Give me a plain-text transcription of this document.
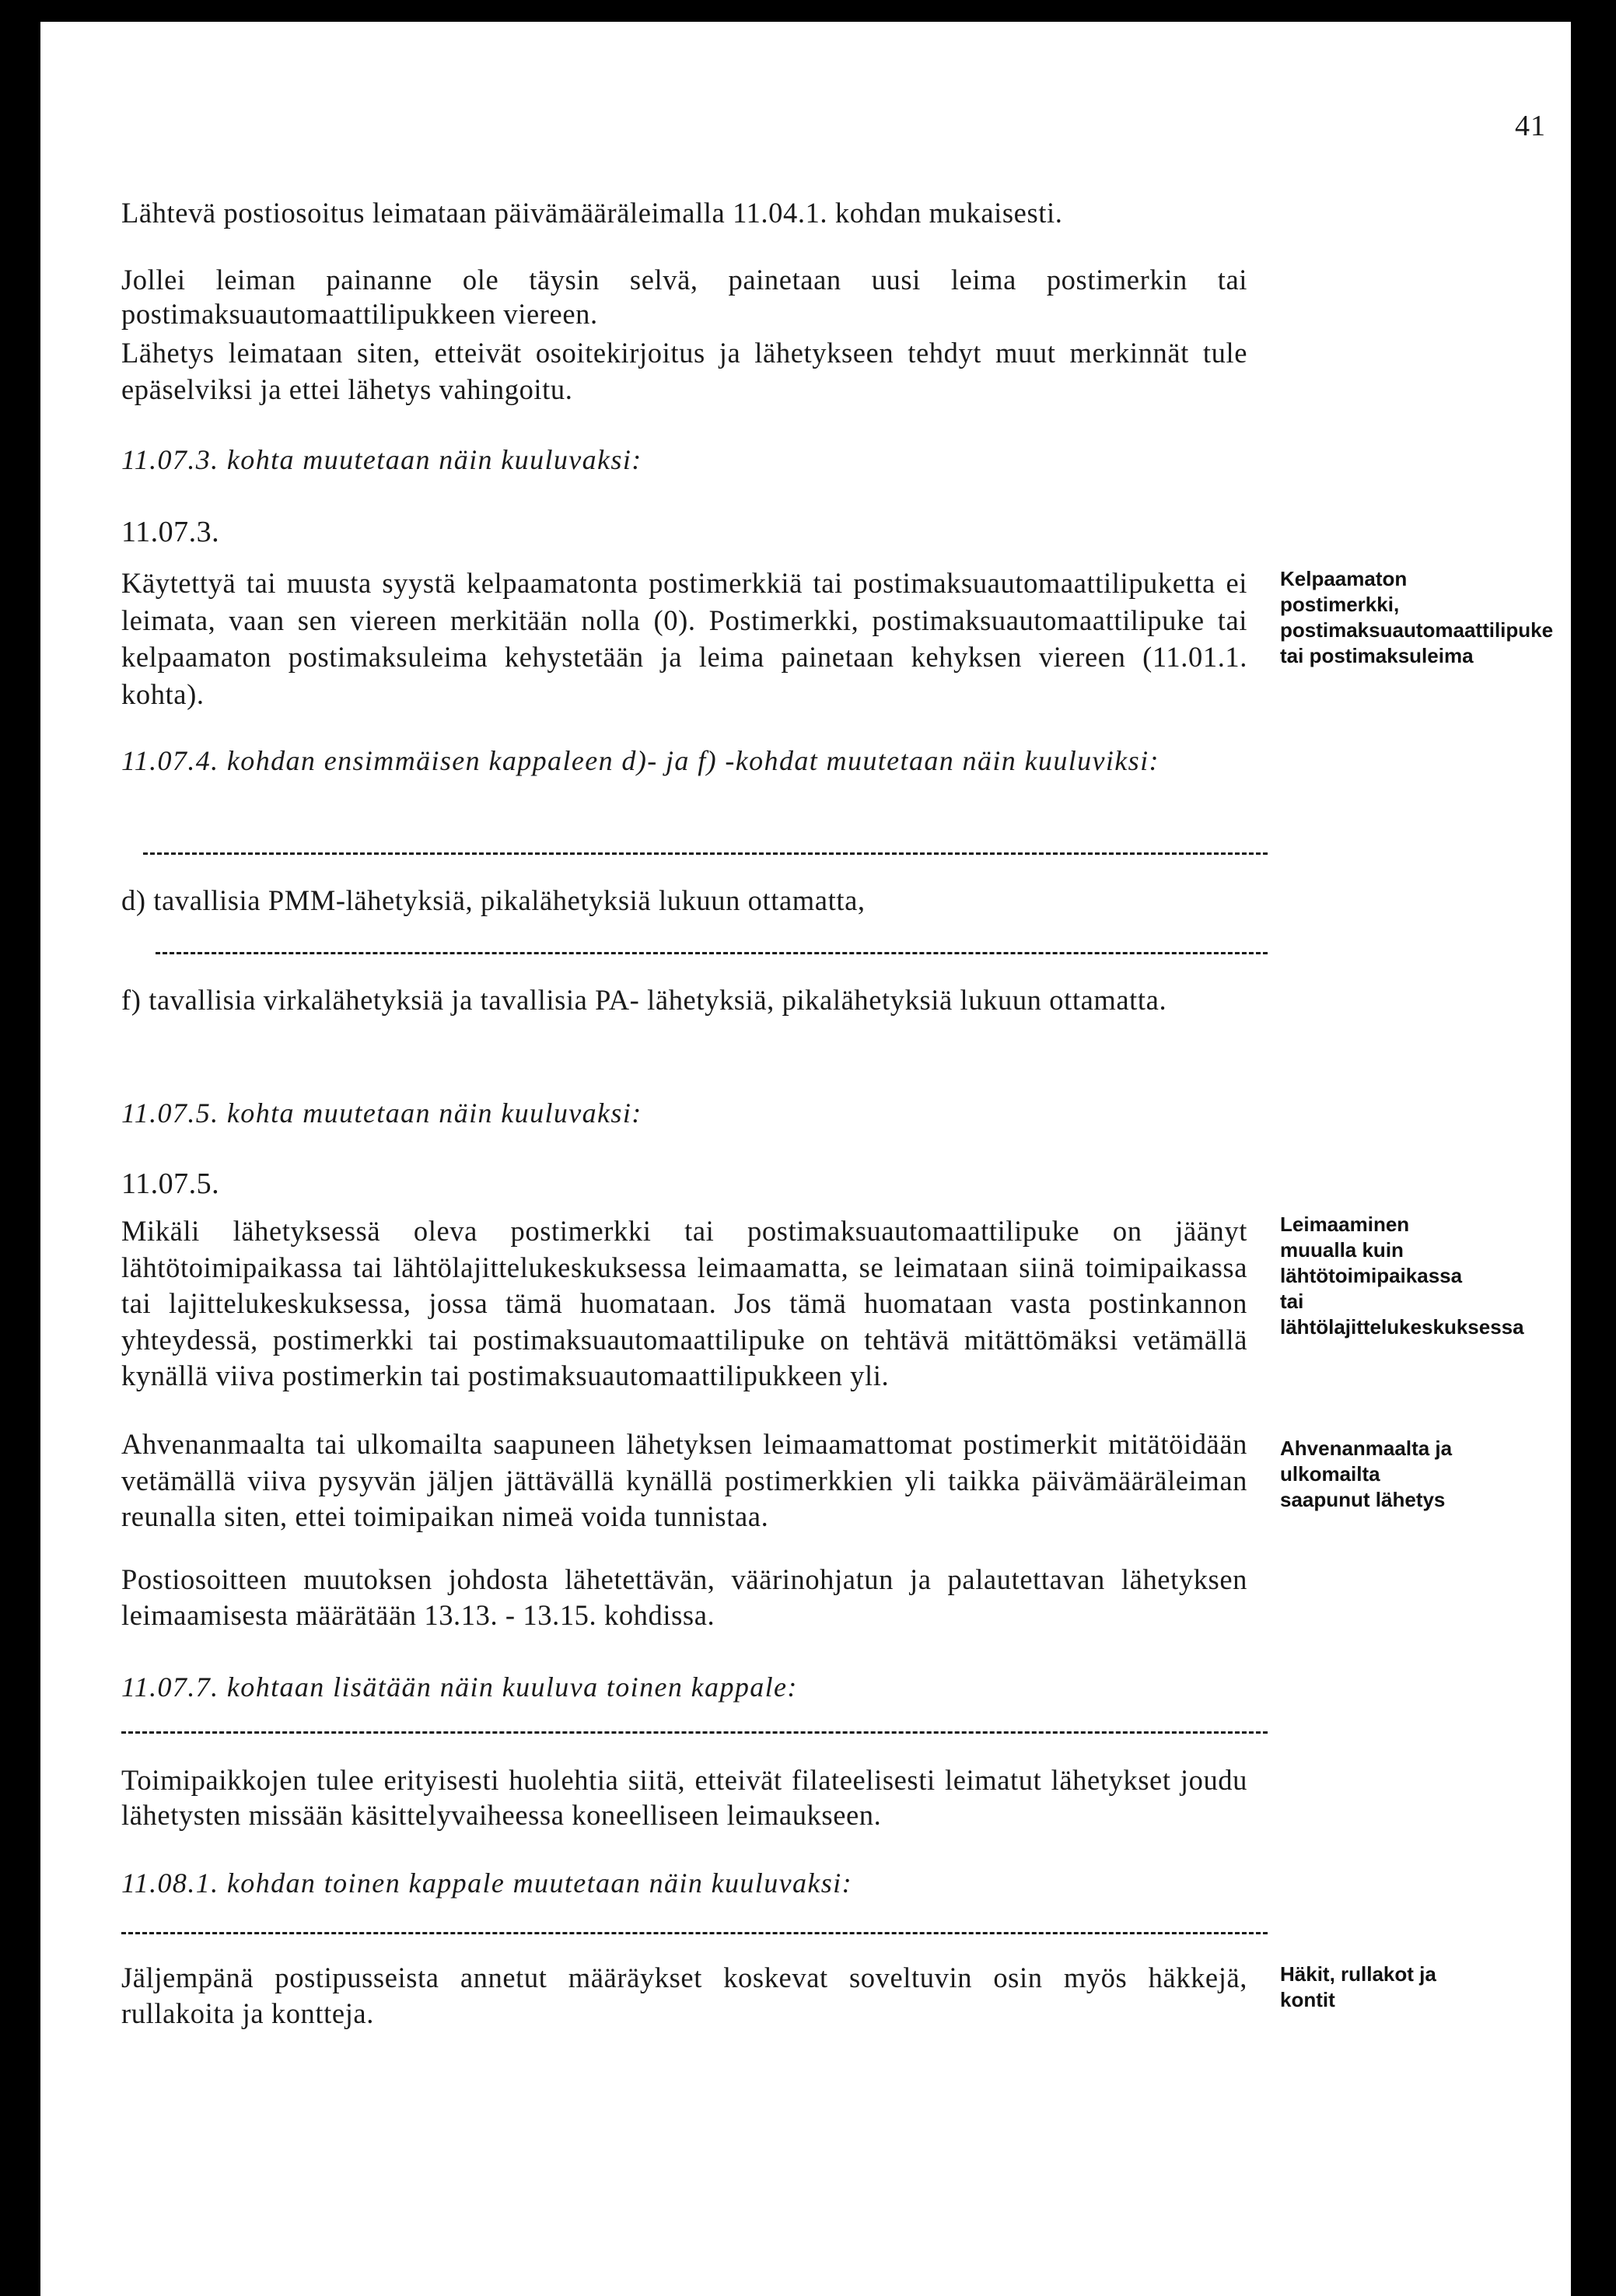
41
Lähtevä postiosoitus leimataan päivämääräleimalla 11.04.1. kohdan mukaisesti.
Jollei leiman painanne ole täysin selvä, painetaan uusi leima postimerkin tai postimaksuautomaattilipukkeen viereen.
Lähetys leimataan siten, etteivät osoitekirjoitus ja lähetykseen tehdyt muut merkinnät tule epäselviksi ja ettei lähetys vahingoitu.
11.07.3. kohta muutetaan näin kuuluvaksi:
11.07.3.
Käytettyä tai muusta syystä kelpaamatonta postimerkkiä tai postimaksuautomaattilipuketta ei leimata, vaan sen viereen merkitään nolla (0). Postimerkki, postimaksuautomaattilipuke tai kelpaamaton postimaksuleima kehystetään ja leima painetaan kehyksen viereen (11.01.1. kohta).
Kelpaamaton postimerkki, postimaksuautomaattilipuke tai postimaksuleima
11.07.4. kohdan ensimmäisen kappaleen d)- ja f) -kohdat muutetaan näin kuuluviksi:
d) tavallisia PMM-lähetyksiä, pikalähetyksiä lukuun ottamatta,
f) tavallisia virkalähetyksiä ja tavallisia PA- lähetyksiä, pikalähetyksiä lukuun ottamatta.
11.07.5. kohta muutetaan näin kuuluvaksi:
11.07.5.
Mikäli lähetyksessä oleva postimerkki tai postimaksuautomaattilipuke on jäänyt lähtötoimipaikassa tai lähtölajittelukeskuksessa leimaamatta, se leimataan siinä toimipaikassa tai lajittelukeskuksessa, jossa tämä huomataan. Jos tämä huomataan vasta postinkannon yhteydessä, postimerkki tai postimaksuautomaattilipuke on tehtävä mitättömäksi vetämällä kynällä viiva postimerkin tai postimaksuautomaattilipukkeen yli.
Leimaaminen muualla kuin lähtötoimipaikassa tai lähtölajittelukeskuksessa
Ahvenanmaalta tai ulkomailta saapuneen lähetyksen leimaamattomat postimerkit mitätöidään vetämällä viiva pysyvän jäljen jättävällä kynällä postimerkkien yli taikka päivämääräleiman reunalla siten, ettei toimipaikan nimeä voida tunnistaa.
Ahvenanmaalta ja ulkomailta saapunut lähetys
Postiosoitteen muutoksen johdosta lähetettävän, väärinohjatun ja palautettavan lähetyksen leimaamisesta määrätään 13.13. - 13.15. kohdissa.
11.07.7. kohtaan lisätään näin kuuluva toinen kappale:
Toimipaikkojen tulee erityisesti huolehtia siitä, etteivät filateelisesti leimatut lähetykset joudu lähetysten missään käsittelyvaiheessa koneelliseen leimaukseen.
11.08.1. kohdan toinen kappale muutetaan näin kuuluvaksi:
Jäljempänä postipusseista annetut määräykset koskevat soveltuvin osin myös häkkejä, rullakoita ja kontteja.
Häkit, rullakot ja kontit
